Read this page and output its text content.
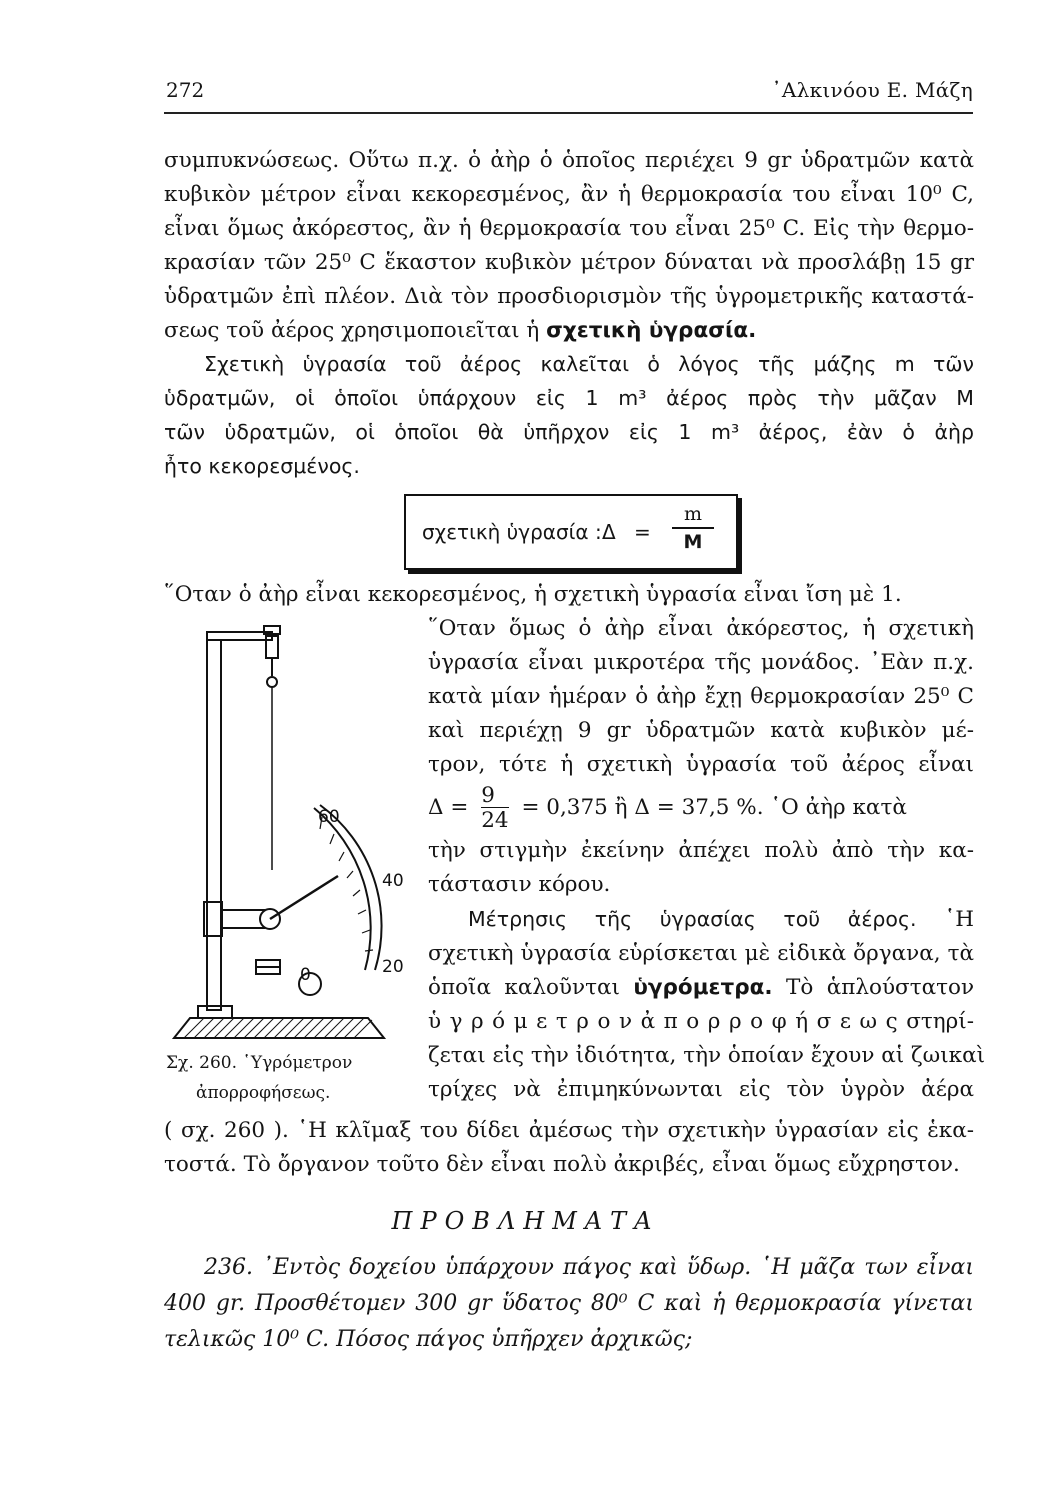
272	᾿Αλκινόου Ε. Μάζη
συμπυκνώσεως. Οὕτω π.χ. ὁ ἀὴρ ὁ ὁποῖος περιέχει 9 gr ὑδρατμῶν κατὰ
κυβικὸν μέτρον εἶναι κεκορεσμένος, ἂν ἡ θερμοκρασία του εἶναι 10⁰ C,
εἶναι ὅμως ἀκόρεστος, ἂν ἡ θερμοκρασία του εἶναι 25⁰ C. Εἰς τὴν θερμο-
κρασίαν τῶν 25⁰ C ἕκαστον κυβικὸν μέτρον δύναται νὰ προσλάβῃ 15 gr
ὑδρατμῶν ἐπὶ πλέον. Διὰ τὸν προσδιορισμὸν τῆς ὑγρομετρικῆς καταστά-
σεως τοῦ ἀέρος χρησιμοποιεῖται ἡ σχετικὴ ὑγρασία.
Σχετικὴ ὑγρασία τοῦ ἀέρος καλεῖται ὁ λόγος τῆς μάζης m τῶν
ὑδρατμῶν, οἱ ὁποῖοι ὑπάρχουν εἰς 1 m³ ἀέρος πρὸς τὴν μᾶζαν Μ
τῶν ὑδρατμῶν, οἱ ὁποῖοι θὰ ὑπῆρχον εἰς 1 m³ ἀέρος, ἐὰν ὁ ἀὴρ
ἦτο κεκορεσμένος.
σχετικὴ ὑγρασία : Δ =
m
Μ
῞Οταν ὁ ἀὴρ εἶναι κεκορεσμένος, ἡ σχετικὴ ὑγρασία εἶναι ἴση μὲ 1.
60
40
20
0
Σχ. 260. ῾Υγρόμετρον
ἀπορροφήσεως.
῞Οταν ὅμως ὁ ἀὴρ εἶναι ἀκόρεστος, ἡ σχετικὴ
ὑγρασία εἶναι μικροτέρα τῆς μονάδος. ᾿Εὰν π.χ.
κατὰ μίαν ἡμέραν ὁ ἀὴρ ἔχῃ θερμοκρασίαν 25⁰ C
καὶ περιέχῃ 9 gr ὑδρατμῶν κατὰ κυβικὸν μέ-
τρον, τότε ἡ σχετικὴ ὑγρασία τοῦ ἀέρος εἶναι
$\Delta = \frac{9}{24} = 0,375$ ἢ Δ = 37,5 %. ῾Ο ἀὴρ κατὰ
τὴν στιγμὴν ἐκείνην ἀπέχει πολὺ ἀπὸ τὴν κα-
τάστασιν κόρου.
Μέτρησις τῆς ὑγρασίας τοῦ ἀέρος. ῾Η
σχετικὴ ὑγρασία εὑρίσκεται μὲ εἰδικὰ ὄργανα, τὰ
ὁποῖα καλοῦνται ὑγρόμετρα. Τὸ ἁπλούστατον
ὑ γ ρ ό μ ε τ ρ ο ν ἀ π ο ρ ρ ο φ ή σ ε ω ς στηρί-
ζεται εἰς τὴν ἰδιότητα, τὴν ὁποίαν ἔχουν αἱ ζωικαὶ
τρίχες νὰ ἐπιμηκύνωνται εἰς τὸν ὑγρὸν ἀέρα
( σχ. 260 ). ῾Η κλῖμαξ του δίδει ἀμέσως τὴν σχετικὴν ὑγρασίαν εἰς ἑκα-
τοστά. Τὸ ὄργανον τοῦτο δὲν εἶναι πολὺ ἀκριβές, εἶναι ὅμως εὔχρηστον.
ΠΡΟΒΛΗΜΑΤΑ
236. ᾿Εντὸς δοχείου ὑπάρχουν πάγος καὶ ὕδωρ. ῾Η μᾶζα των εἶναι
400 gr. Προσθέτομεν 300 gr ὕδατος 80⁰ C καὶ ἡ θερμοκρασία γίνεται
τελικῶς 10⁰ C. Πόσος πάγος ὑπῆρχεν ἀρχικῶς;
